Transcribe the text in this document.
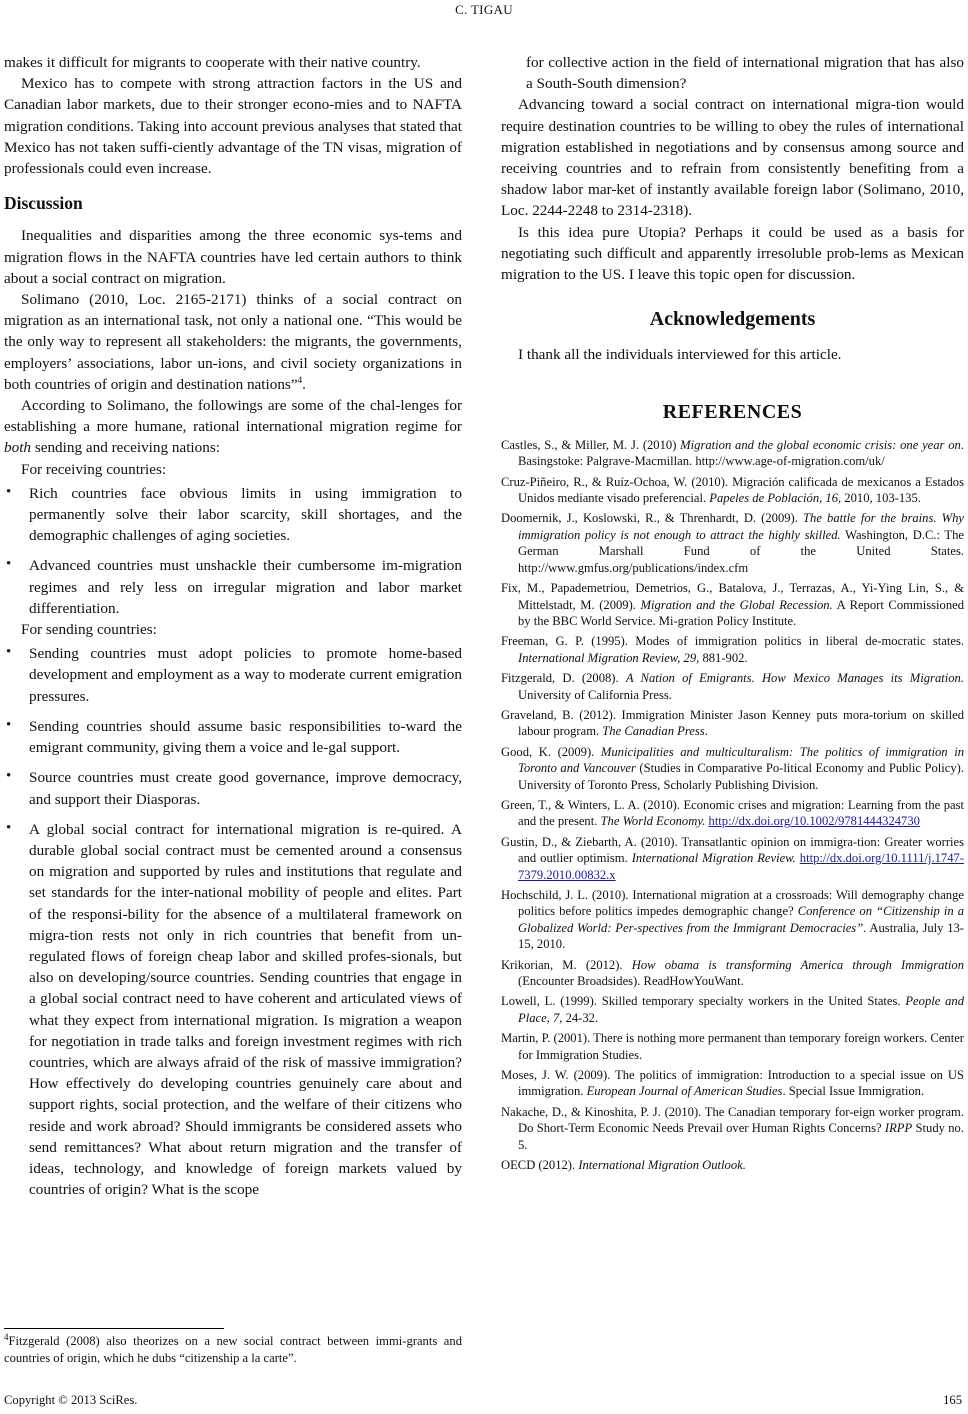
C. TIGAU

makes it difficult for migrants to cooperate with their native country.

Mexico has to compete with strong attraction factors in the US and Canadian labor markets, due to their stronger econo-mies and to NAFTA migration conditions. Taking into account previous analyses that stated that Mexico has not taken suffi-ciently advantage of the TN visas, migration of professionals could even increase.

Discussion

Inequalities and disparities among the three economic sys-tems and migration flows in the NAFTA countries have led certain authors to think about a social contract on migration.

Solimano (2010, Loc. 2165-2171) thinks of a social contract on migration as an international task, not only a national one. “This would be the only way to represent all stakeholders: the migrants, the governments, employers’ associations, labor un-ions, and civil society organizations in both countries of origin and destination nations”$^4$.

According to Solimano, the followings are some of the chal-lenges for establishing a more humane, rational international migration regime for both sending and receiving nations:

For receiving countries:

• Rich countries face obvious limits in using immigration to permanently solve their labor scarcity, skill shortages, and the demographic challenges of aging societies.
• Advanced countries must unshackle their cumbersome im-migration regimes and rely less on irregular migration and labor market differentiation.

For sending countries:

• Sending countries must adopt policies to promote home-based development and employment as a way to moderate current emigration pressures.
• Sending countries should assume basic responsibilities to-ward the emigrant community, giving them a voice and le-gal support.
• Source countries must create good governance, improve democracy, and support their Diasporas.
• A global social contract for international migration is re-quired. A durable global social contract must be cemented around a consensus on migration and supported by rules and institutions that regulate and set standards for the inter-national mobility of people and elites. Part of the responsi-bility for the absence of a multilateral framework on migra-tion rests not only in rich countries that benefit from un-regulated flows of foreign cheap labor and skilled profes-sionals, but also on developing/source countries. Sending countries that engage in a global social contract need to have coherent and articulated views of what they expect from international migration. Is migration a weapon for negotiation in trade talks and foreign investment regimes with rich countries, which are always afraid of the risk of massive immigration? How effectively do developing countries genuinely care about and support rights, social protection, and the welfare of their citizens who reside and work abroad? Should immigrants be considered assets who send remittances? What about return migration and the transfer of ideas, technology, and knowledge of foreign markets valued by countries of origin? What is the scope

for collective action in the field of international migration that has also a South-South dimension?

Advancing toward a social contract on international migra-tion would require destination countries to be willing to obey the rules of international migration established in negotiations and by consensus among source and receiving countries and to refrain from consistently benefiting from a shadow labor mar-ket of instantly available foreign labor (Solimano, 2010, Loc. 2244-2248 to 2314-2318).

Is this idea pure Utopia? Perhaps it could be used as a basis for negotiating such difficult and apparently irresoluble prob-lems as Mexican migration to the US. I leave this topic open for discussion.

Acknowledgements

I thank all the individuals interviewed for this article.

REFERENCES

Castles, S., & Miller, M. J. (2010) Migration and the global economic crisis: one year on. Basingstoke: Palgrave-Macmillan. http://www.age-of-migration.com/uk/

Cruz-Piñeiro, R., & Ruíz-Ochoa, W. (2010). Migración calificada de mexicanos a Estados Unidos mediante visado preferencial. Papeles de Población, 16, 2010, 103-135.

Doomernik, J., Koslowski, R., & Threnhardt, D. (2009). The battle for the brains. Why immigration policy is not enough to attract the highly skilled. Washington, D.C.: The German Marshall Fund of the United States. http://www.gmfus.org/publications/index.cfm

Fix, M., Papademetriou, Demetrios, G., Batalova, J., Terrazas, A., Yi-Ying Lin, S., & Mittelstadt, M. (2009). Migration and the Global Recession. A Report Commissioned by the BBC World Service. Mi-gration Policy Institute.

Freeman, G. P. (1995). Modes of immigration politics in liberal de-mocratic states. International Migration Review, 29, 881-902.

Fitzgerald, D. (2008). A Nation of Emigrants. How Mexico Manages its Migration. University of California Press.

Graveland, B. (2012). Immigration Minister Jason Kenney puts mora-torium on skilled labour program. The Canadian Press.

Good, K. (2009). Municipalities and multiculturalism: The politics of immigration in Toronto and Vancouver (Studies in Comparative Po-litical Economy and Public Policy). University of Toronto Press, Scholarly Publishing Division.

Green, T., & Winters, L. A. (2010). Economic crises and migration: Learning from the past and the present. The World Economy. http://dx.doi.org/10.1002/9781444324730

Gustin, D., & Ziebarth, A. (2010). Transatlantic opinion on immigra-tion: Greater worries and outlier optimism. International Migration Review. http://dx.doi.org/10.1111/j.1747-7379.2010.00832.x

Hochschild, J. L. (2010). International migration at a crossroads: Will demography change politics before politics impedes demographic change? Conference on “Citizenship in a Globalized World: Per-spectives from the Immigrant Democracies”. Australia, July 13-15, 2010.

Krikorian, M. (2012). How obama is transforming America through Immigration (Encounter Broadsides). ReadHowYouWant.

Lowell, L. (1999). Skilled temporary specialty workers in the United States. People and Place, 7, 24-32.

Martin, P. (2001). There is nothing more permanent than temporary foreign workers. Center for Immigration Studies.

Moses, J. W. (2009). The politics of immigration: Introduction to a special issue on US immigration. European Journal of American Studies. Special Issue Immigration.

Nakache, D., & Kinoshita, P. J. (2010). The Canadian temporary for-eign worker program. Do Short-Term Economic Needs Prevail over Human Rights Concerns? IRPP Study no. 5.

OECD (2012). International Migration Outlook.

$^4$Fitzgerald (2008) also theorizes on a new social contract between immi-grants and countries of origin, which he dubs “citizenship a la carte”.
Copyright © 2013 SciRes.	165
